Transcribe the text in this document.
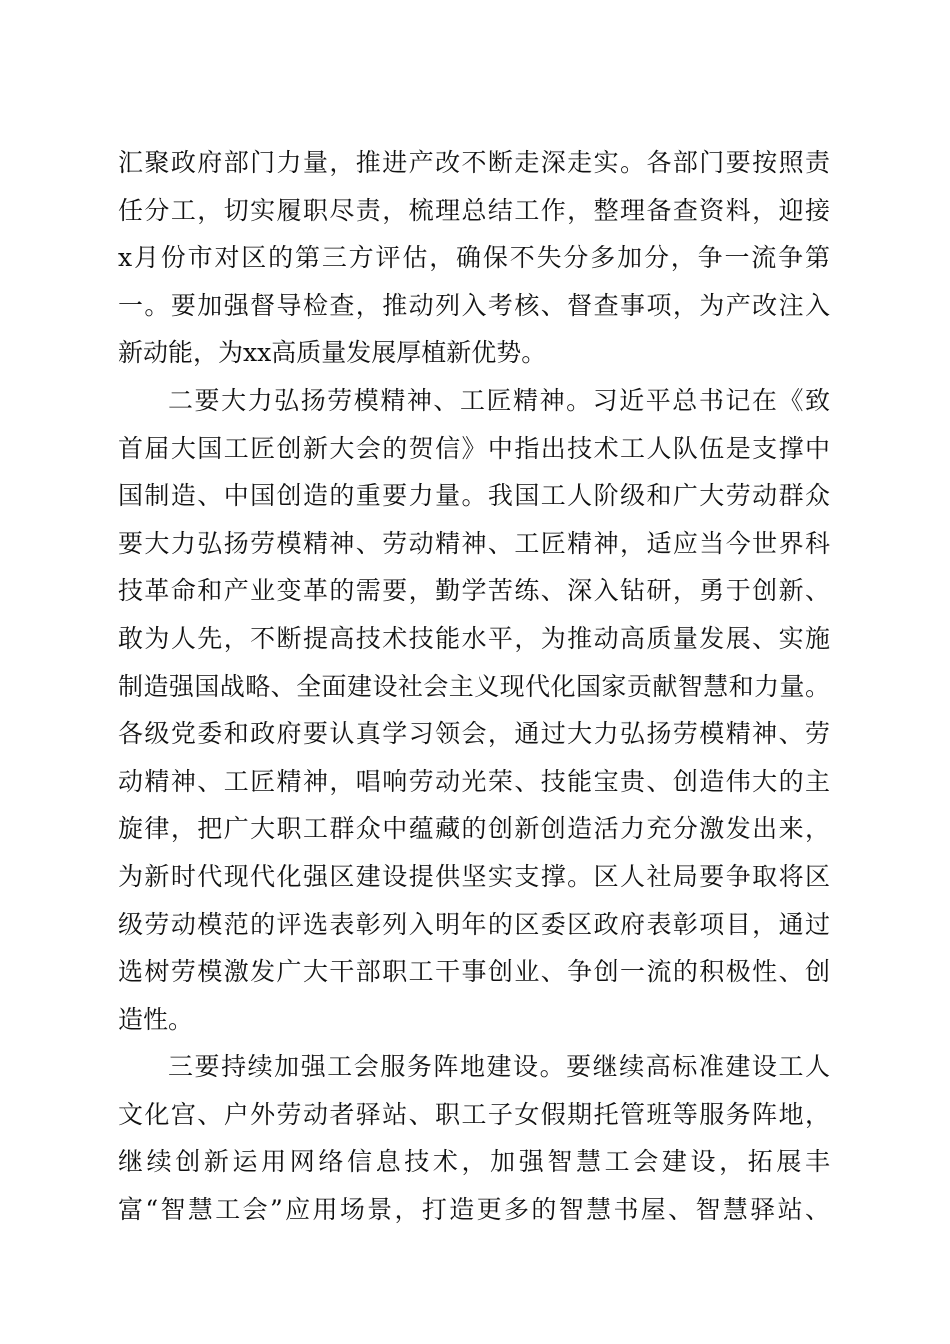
汇聚政府部门力量，推进产改不断走深走实。各部门要按照责
任分工，切实履职尽责，梳理总结工作，整理备查资料，迎接
x月份市对区的第三方评估，确保不失分多加分，争一流争第
一。要加强督导检查，推动列入考核、督查事项，为产改注入
新动能，为xx高质量发展厚植新优势。
二要大力弘扬劳模精神、工匠精神。习近平总书记在《致
首届大国工匠创新大会的贺信》中指出技术工人队伍是支撑中
国制造、中国创造的重要力量。我国工人阶级和广大劳动群众
要大力弘扬劳模精神、劳动精神、工匠精神，适应当今世界科
技革命和产业变革的需要，勤学苦练、深入钻研，勇于创新、
敢为人先，不断提高技术技能水平，为推动高质量发展、实施
制造强国战略、全面建设社会主义现代化国家贡献智慧和力量。
各级党委和政府要认真学习领会，通过大力弘扬劳模精神、劳
动精神、工匠精神，唱响劳动光荣、技能宝贵、创造伟大的主
旋律，把广大职工群众中蕴藏的创新创造活力充分激发出来，
为新时代现代化强区建设提供坚实支撑。区人社局要争取将区
级劳动模范的评选表彰列入明年的区委区政府表彰项目，通过
选树劳模激发广大干部职工干事创业、争创一流的积极性、创
造性。
三要持续加强工会服务阵地建设。要继续高标准建设工人
文化宫、户外劳动者驿站、职工子女假期托管班等服务阵地，
继续创新运用网络信息技术，加强智慧工会建设，拓展丰
富“智慧工会”应用场景，打造更多的智慧书屋、智慧驿站、
